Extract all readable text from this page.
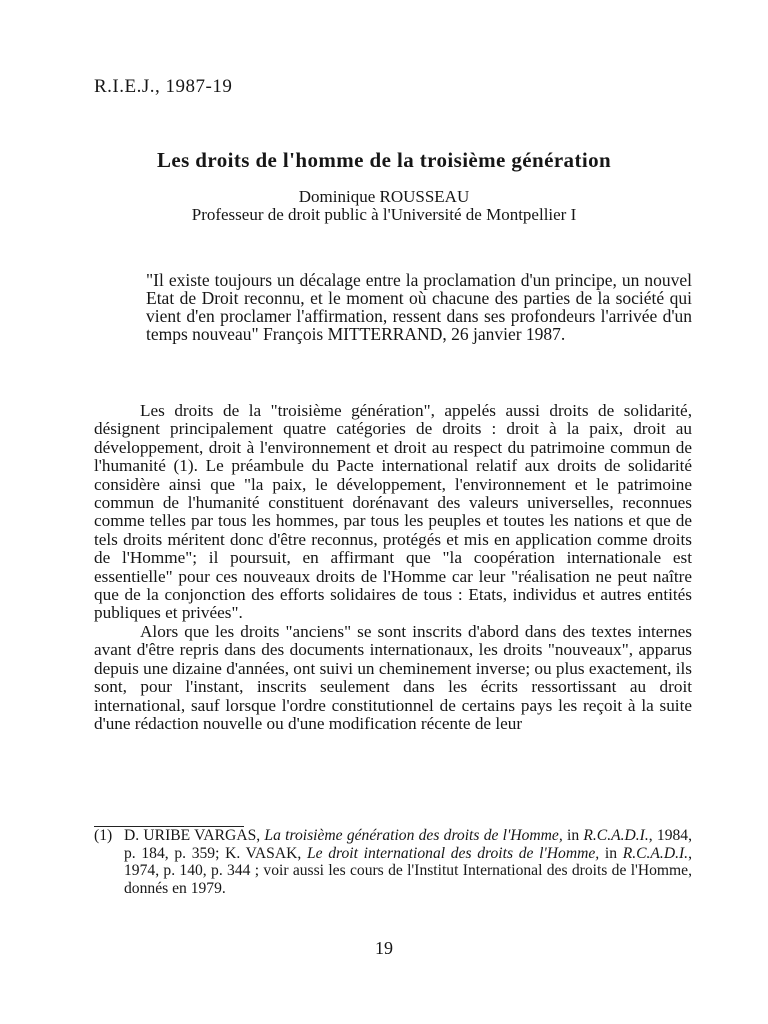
R.I.E.J., 1987-19
Les droits de l'homme de la troisième génération
Dominique ROUSSEAU
Professeur de droit public à l'Université de Montpellier I
"Il existe toujours un décalage entre la proclamation d'un principe, un nouvel Etat de Droit reconnu, et le moment où chacune des parties de la société qui vient d'en proclamer l'affirmation, ressent dans ses profondeurs l'arrivée d'un temps nouveau" François MITTERRAND, 26 janvier 1987.

Les droits de la "troisième génération", appelés aussi droits de solidarité, désignent principalement quatre catégories de droits : droit à la paix, droit au développement, droit à l'environnement et droit au respect du patrimoine commun de l'humanité (1). Le préambule du Pacte international relatif aux droits de solidarité considère ainsi que "la paix, le développement, l'environnement et le patrimoine commun de l'humanité constituent dorénavant des valeurs universelles, reconnues comme telles par tous les hommes, par tous les peuples et toutes les nations et que de tels droits méritent donc d'être reconnus, protégés et mis en application comme droits de l'Homme"; il poursuit, en affirmant que "la coopération internationale est essentielle" pour ces nouveaux droits de l'Homme car leur "réalisation ne peut naître que de la conjonction des efforts solidaires de tous : Etats, individus et autres entités publiques et privées".

Alors que les droits "anciens" se sont inscrits d'abord dans des textes internes avant d'être repris dans des documents internationaux, les droits "nouveaux", apparus depuis une dizaine d'années, ont suivi un cheminement inverse; ou plus exactement, ils sont, pour l'instant, inscrits seulement dans les écrits ressortissant au droit international, sauf lorsque l'ordre constitutionnel de certains pays les reçoit à la suite d'une rédaction nouvelle ou d'une modification récente de leur

(1) D. URIBE VARGAS, La troisième génération des droits de l'Homme, in R.C.A.D.I., 1984, p. 184, p. 359; K. VASAK, Le droit international des droits de l'Homme, in R.C.A.D.I., 1974, p. 140, p. 344 ; voir aussi les cours de l'Institut International des droits de l'Homme, donnés en 1979.
19
